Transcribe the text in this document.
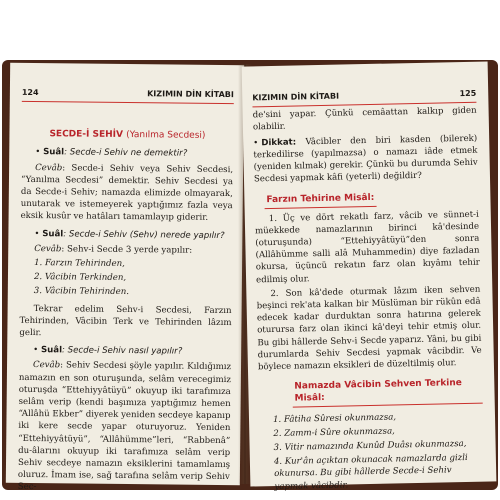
124	KIZIMIN DİN KİTABI
SECDE-İ SEHİV (Yanılma Secdesi)
• Suâl: Secde-i Sehiv ne demektir?

Cevâb: Secde-i Sehiv veya Sehiv Secdesi, “Yanılma Secdesi” demektir. Sehiv Secdesi ya da Secde-i Sehiv; namazda elimizde olmayarak, unutarak ve istemeyerek yaptığımız fazla veya eksik kusûr ve hatâları tamamlayıp giderir.

• Suâl: Secde-i Sehiv (Sehv) nerede yapılır?

Cevâb: Sehv-i Secde 3 yerde yapılır:

1. Farzın Tehirinden,
2. Vâcibin Terkinden,
3. Vâcibin Tehirinden.

Tekrar edelim Sehv-i Secdesi, Farzın Tehirinden, Vâcibin Terk ve Tehirinden lâzım gelir.

• Suâl: Secde-i Sehiv nasıl yapılır?

Cevâb: Sehiv Secdesi şöyle yapılır. Kıldığımız namazın en son oturuşunda, selâm verecegimiz oturuşda “Ettehiyyâtüyü” okuyup iki tarafımıza selâm verip (kendi başımıza yaptığımız hemen “Allâhü Ekber” diyerek yeniden secdeye kapanıp iki kere secde yapar oturuyoruz. Yeniden “Ettehiyyâtüyü”, “Allâhümme”leri, “Rabbenâ” du-âlarını okuyup iki tarafımıza selâm verip Sehiv secdeye namazın eksiklerini tamamlamış oluruz. İmam ise, sağ tarafına selâm verip Sehiv Sec-

KIZIMIN DİN KİTABI	125

de'sini yapar. Çünkü cemâattan kalkıp giden olabilir.

• Dikkat: Vâcibler den biri kasden (bilerek) terkedilirse (yapılmazsa) o namazı iâde etmek (yeniden kılmak) gerekir. Çünkü bu durumda Sehiv Secdesi yapmak kâfi (yeterli) değildir?

Farzın Tehirine Misâl:

1. Üç ve dört rekatlı farz, vâcib ve sünnet-i müekkede namazlarının birinci kâ'desinde (oturuşunda) “Ettehiyyâtüyü”den sonra (Allâhümme salli alâ Muhammedin) diye fazladan okursa, üçüncü rekatın farz olan kıyâmı tehir edilmiş olur.

2. Son kâ'dede oturmak lâzım iken sehven beşinci rek'ata kalkan bir Müslüman bir rükûn edâ edecek kadar durduktan sonra hatırına gelerek oturursa farz olan ikinci kâ'deyi tehir etmiş olur. Bu gibi hâllerde Sehv-i Secde yaparız. Yâni, bu gibi durumlarda Sehiv Secdesi yapmak vâcibdir. Ve böylece namazın eksikleri de düzeltilmiş olur.

Namazda Vâcibin Sehven Terkine Misâl:
1. Fâtiha Sûresi okunmazsa,
2. Zamm-i Sûre okunmazsa,
3. Vitir namazında Kunûd Duâsı okunmazsa,
4. Kur'ân açıktan okunacak namazlarda gizli okunursa. Bu gibi hâllerde Secde-i Sehiv yapmak vâcibdir.
